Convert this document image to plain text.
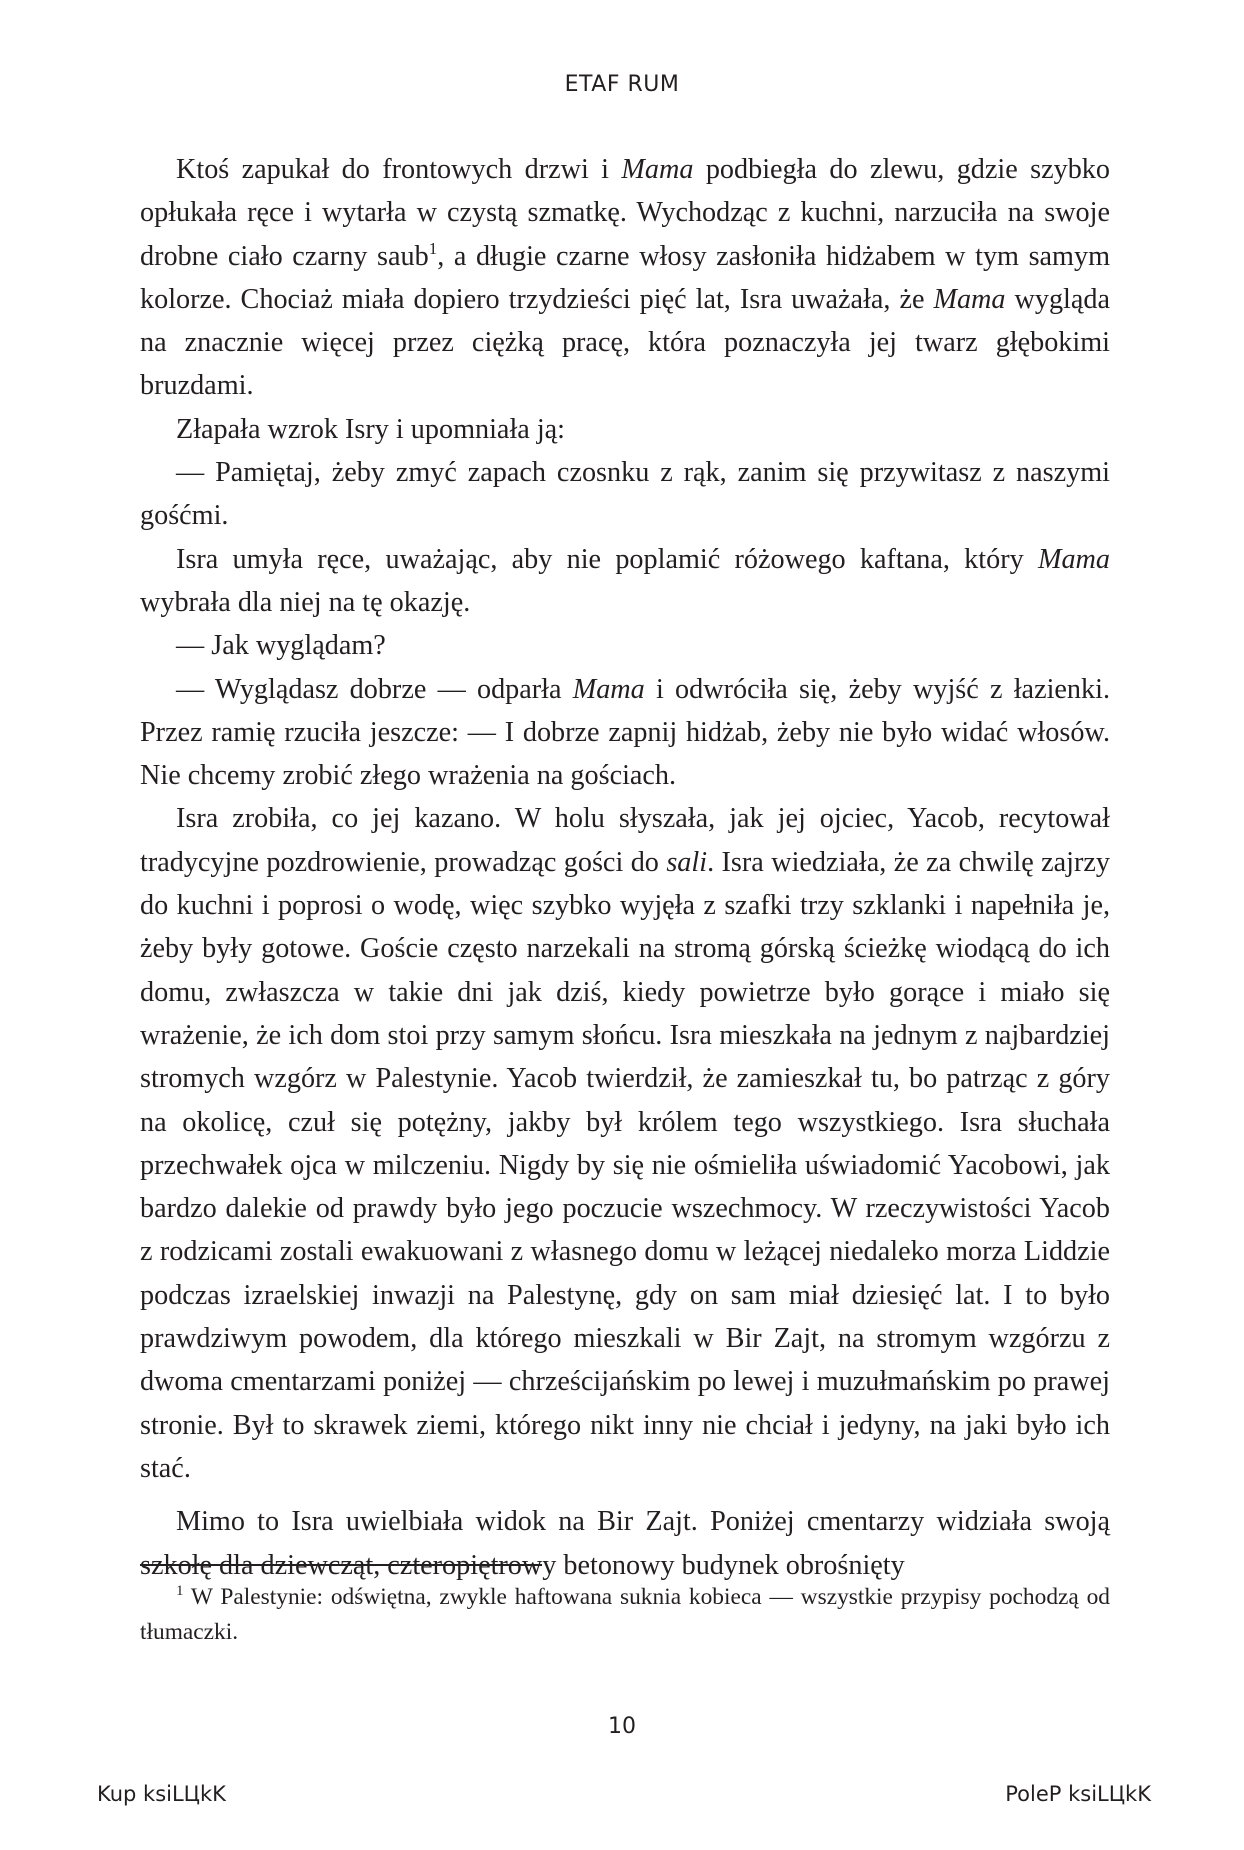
ETAF RUM

Ktoś zapukał do frontowych drzwi i Mama podbiegła do zlewu, gdzie szybko opłukała ręce i wytarła w czystą szmatkę. Wychodząc z kuchni, narzuciła na swoje drobne ciało czarny saub$^1$, a długie czarne włosy zasłoniła hidżabem w tym samym kolorze. Chociaż miała dopiero trzydzieści pięć lat, Isra uważała, że Mama wygląda na znacznie więcej przez ciężką pracę, która poznaczyła jej twarz głębokimi bruzdami.

Złapała wzrok Isry i upomniała ją:

— Pamiętaj, żeby zmyć zapach czosnku z rąk, zanim się przywitasz z naszymi gośćmi.

Isra umyła ręce, uważając, aby nie poplamić różowego kaftana, który Mama wybrała dla niej na tę okazję.

— Jak wyglądam?

— Wyglądasz dobrze — odparła Mama i odwróciła się, żeby wyjść z łazienki. Przez ramię rzuciła jeszcze: — I dobrze zapnij hidżab, żeby nie było widać włosów. Nie chcemy zrobić złego wrażenia na gościach.

Isra zrobiła, co jej kazano. W holu słyszała, jak jej ojciec, Yacob, recytował tradycyjne pozdrowienie, prowadząc gości do sali. Isra wiedziała, że za chwilę zajrzy do kuchni i poprosi o wodę, więc szybko wyjęła z szafki trzy szklanki i napełniła je, żeby były gotowe. Goście często narzekali na stromą górską ścieżkę wiodącą do ich domu, zwłaszcza w takie dni jak dziś, kiedy powietrze było gorące i miało się wrażenie, że ich dom stoi przy samym słońcu. Isra mieszkała na jednym z najbardziej stromych wzgórz w Palestynie. Yacob twierdził, że zamieszkał tu, bo patrząc z góry na okolicę, czuł się potężny, jakby był królem tego wszystkiego. Isra słuchała przechwałek ojca w milczeniu. Nigdy by się nie ośmieliła uświadomić Yacobowi, jak bardzo dalekie od prawdy było jego poczucie wszechmocy. W rzeczywistości Yacob z rodzicami zostali ewakuowani z własnego domu w leżącej niedaleko morza Liddzie podczas izraelskiej inwazji na Palestynę, gdy on sam miał dziesięć lat. I to było prawdziwym powodem, dla którego mieszkali w Bir Zajt, na stromym wzgórzu z dwoma cmentarzami poniżej — chrześcijańskim po lewej i muzułmańskim po prawej stronie. Był to skrawek ziemi, którego nikt inny nie chciał i jedyny, na jaki było ich stać.

Mimo to Isra uwielbiała widok na Bir Zajt. Poniżej cmentarzy widziała swoją szkołę dla dziewcząt, czteropiętrowy betonowy budynek obrośnięty

$^1$ W Palestynie: odświętna, zwykle haftowana suknia kobieca — wszystkie przypisy pochodzą od tłumaczki.

10
Kup ksiLЦkK	PoleP ksiLЦkK
